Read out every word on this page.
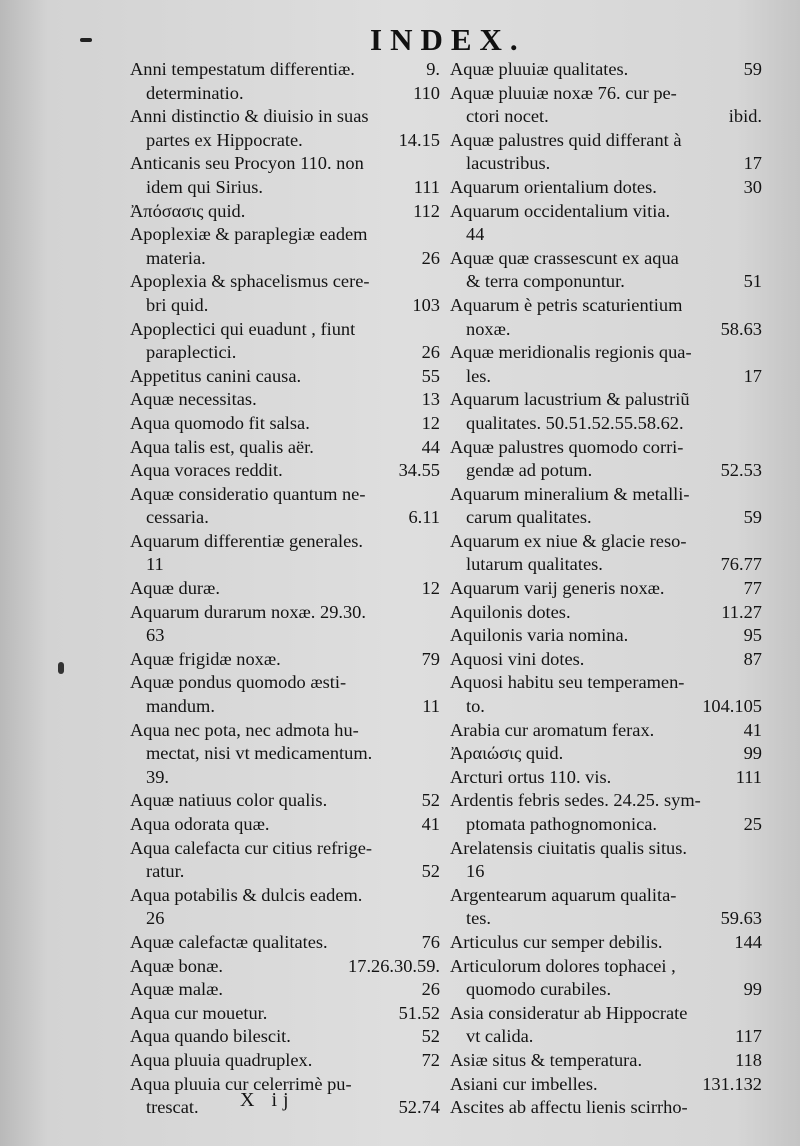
INDEX.
Anni tempestatum differentiæ.	9.
determinatio.	110
Anni distinctio & diuisio in suas
partes ex Hippocrate.	14.15
Anticanis seu Procyon 110. non
idem qui Sirius.	111
Ἀπόσασις quid.	112
Apoplexiæ & paraplegiæ eadem
materia.	26
Apoplexia & sphacelismus cere-
bri quid.	103
Apoplectici qui euadunt , fiunt
paraplectici.	26
Appetitus canini causa.	55
Aquæ necessitas.	13
Aqua quomodo fit salsa.	12
Aqua talis est, qualis aër.	44
Aqua voraces reddit.	34.55
Aquæ consideratio quantum ne-
cessaria.	6.11
Aquarum differentiæ generales.
11
Aquæ duræ.	12
Aquarum durarum noxæ. 29.30.
63
Aquæ frigidæ noxæ.	79
Aquæ pondus quomodo æsti-
mandum.	11
Aqua nec pota, nec admota hu-
mectat, nisi vt medicamentum.
39.
Aquæ natiuus color qualis.	52
Aqua odorata quæ.	41
Aqua calefacta cur citius refrige-
ratur.	52
Aqua potabilis & dulcis eadem.
26
Aquæ calefactæ qualitates.	76
Aquæ bonæ.	17.26.30.59.
Aquæ malæ.	26
Aqua cur mouetur.	51.52
Aqua quando bilescit.	52
Aqua pluuia quadruplex.	72
Aqua pluuia cur celerrimè pu-
trescat.	52.74
Aquæ pluuiæ qualitates.	59
Aquæ pluuiæ noxæ 76. cur pe-
ctori nocet.	ibid.
Aquæ palustres quid differant à
lacustribus.	17
Aquarum orientalium dotes.	30
Aquarum occidentalium vitia.
44
Aquæ quæ crassescunt ex aqua
& terra componuntur.	51
Aquarum è petris scaturientium
noxæ.	58.63
Aquæ meridionalis regionis qua-
les.	17
Aquarum lacustrium & palustriũ
qualitates. 50.51.52.55.58.62.
Aquæ palustres quomodo corri-
gendæ ad potum.	52.53
Aquarum mineralium & metalli-
carum qualitates.	59
Aquarum ex niue & glacie reso-
lutarum qualitates.	76.77
Aquarum varij generis noxæ.	77
Aquilonis dotes.	11.27
Aquilonis varia nomina.	95
Aquosi vini dotes.	87
Aquosi habitu seu temperamen-
to.	104.105
Arabia cur aromatum ferax.	41
Ἀραιώσις quid.	99
Arcturi ortus 110. vis.	111
Ardentis febris sedes. 24.25. sym-
ptomata pathognomonica.	25
Arelatensis ciuitatis qualis situs.
16
Argentearum aquarum qualita-
tes.	59.63
Articulus cur semper debilis.	144
Articulorum dolores tophacei ,
quomodo curabiles.	99
Asia consideratur ab Hippocrate
vt calida.	117
Asiæ situs & temperatura.	118
Asiani cur imbelles.	131.132
Ascites ab affectu lienis scirrho-
X ij
